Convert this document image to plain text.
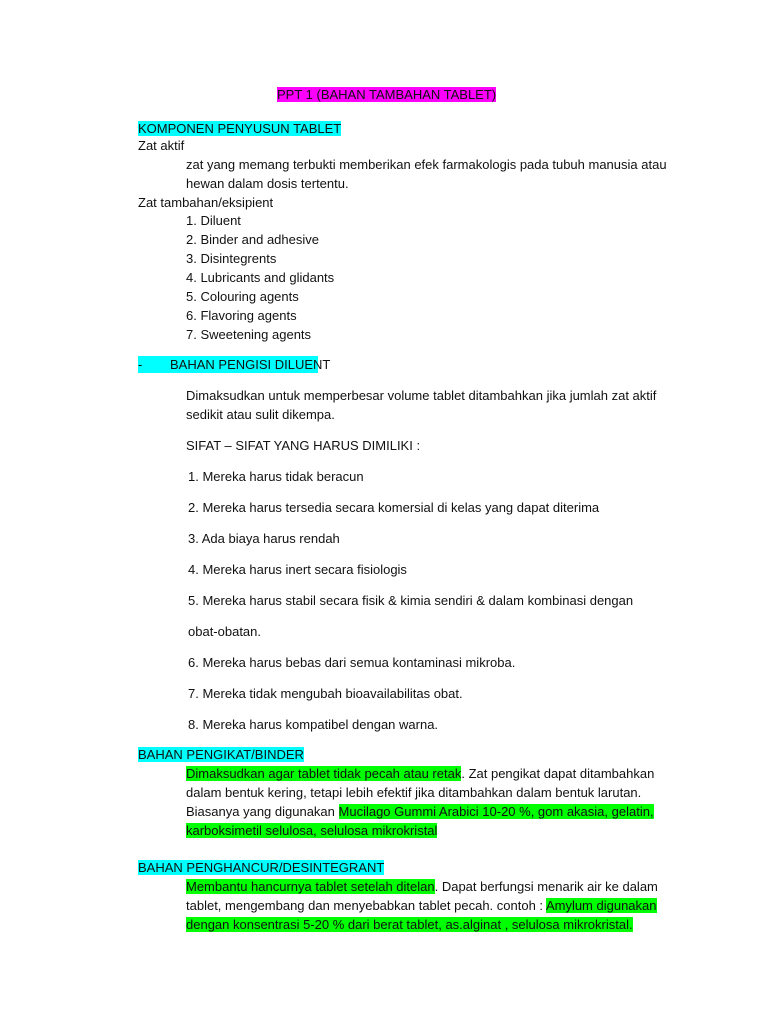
PPT 1 (BAHAN TAMBAHAN TABLET)
KOMPONEN PENYUSUN TABLET
Zat aktif
zat yang memang terbukti memberikan efek farmakologis pada tubuh manusia atau
hewan dalam dosis tertentu.
Zat tambahan/eksipient
1. Diluent
2. Binder and adhesive
3. Disintegrents
4. Lubricants and glidants
5. Colouring agents
6. Flavoring agents
7. Sweetening agents
- BAHAN PENGISI DILUENT
Dimaksudkan untuk memperbesar volume tablet ditambahkan jika jumlah zat aktif
sedikit atau sulit dikempa.
SIFAT – SIFAT YANG HARUS DIMILIKI :
1. Mereka harus tidak beracun
2. Mereka harus tersedia secara komersial di kelas yang dapat diterima
3. Ada biaya harus rendah
4. Mereka harus inert secara fisiologis
5. Mereka harus stabil secara fisik & kimia sendiri & dalam kombinasi dengan
obat-obatan.
6. Mereka harus bebas dari semua kontaminasi mikroba.
7. Mereka tidak mengubah bioavailabilitas obat.
8. Mereka harus kompatibel dengan warna.
BAHAN PENGIKAT/BINDER
Dimaksudkan agar tablet tidak pecah atau retak. Zat pengikat dapat ditambahkan
dalam bentuk kering, tetapi lebih efektif jika ditambahkan dalam bentuk larutan.
Biasanya yang digunakan Mucilago Gummi Arabici 10-20 %, gom akasia, gelatin,
karboksimetil selulosa, selulosa mikrokristal
BAHAN PENGHANCUR/DESINTEGRANT
Membantu hancurnya tablet setelah ditelan. Dapat berfungsi menarik air ke dalam
tablet, mengembang dan menyebabkan tablet pecah. contoh : Amylum digunakan
dengan konsentrasi 5-20 % dari berat tablet, as.alginat , selulosa mikrokristal.
